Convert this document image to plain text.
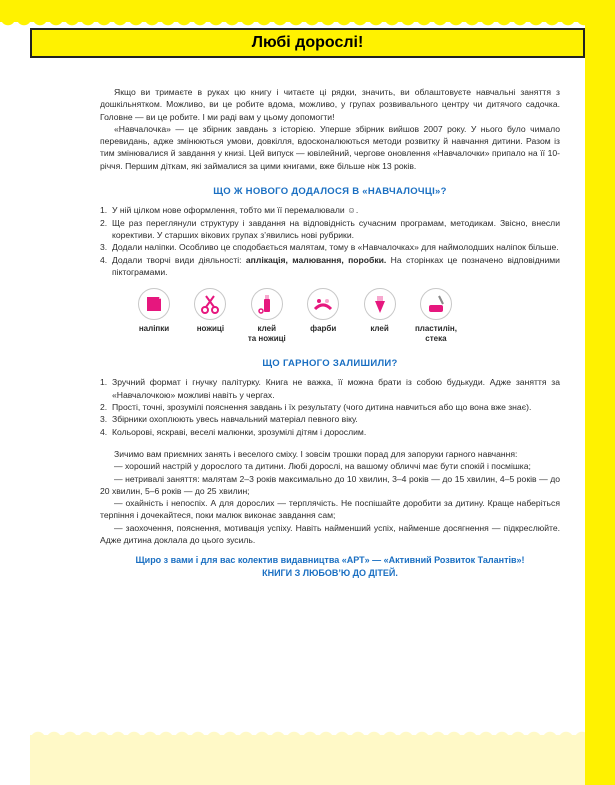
Любі дорослі!

Якщо ви тримаєте в руках цю книгу і читаєте ці рядки, значить, ви облаштовуєте навчальні заняття з дошкільнятком. Можливо, ви це робите вдома, можливо, у групах розвивального центру чи дитячого садочка. Головне — ви це робите. І ми раді вам у цьому допомогти!

«Навчалочка» — це збірник завдань з історією. Уперше збірник вийшов 2007 року. У нього було чимало перевидань, адже змінюються умови, довкілля, вдосконалюються методи розвитку й навчання дитини. Разом із тим змінювалися й завдання у книзі. Цей випуск — ювілейний, чергове оновлення «Навчалочки» припало на її 10-річчя. Першим діткам, які займалися за цими книгами, вже більше ніж 13 років.

ЩО Ж НОВОГО ДОДАЛОСЯ В «НАВЧАЛОЧЦІ»?
1. У ній цілком нове оформлення, тобто ми її перемалювали ☺.
2. Ще раз переглянули структуру і завдання на відповідність сучасним програмам, методикам. Звісно, внесли корективи. У старших вікових групах з’явились нові рубрики.
3. Додали наліпки. Особливо це сподобається малятам, тому в «Навчалочках» для наймолодших наліпок більше.
4. Додали творчі види діяльності: аплікація, малювання, поробки. На сторінках це позначено відповідними піктограмами.
наліпки	ножиці	клей
та ножиці
фарби	клей	пластилін,
стека
ЩО ГАРНОГО ЗАЛИШИЛИ?
1. Зручний формат і гнучку палітурку. Книга не важка, її можна брати із собою будькуди. Адже заняття за «Навчалочкою» можливі навіть у чергах.
2. Прості, точні, зрозумілі пояснення завдань і їх результату (чого дитина навчиться або що вона вже знає).
3. Збірники охоплюють увесь навчальний матеріал певного віку.
4. Кольорові, яскраві, веселі малюнки, зрозумілі дітям і дорослим.

Зичимо вам приємних занять і веселого сміху. І зовсім трошки порад для запоруки гарного навчання:

— хороший настрій у дорослого та дитини. Любі дорослі, на вашому обличчі має бути спокій і посмішка;

— нетривалі заняття: малятам 2–3 років максимально до 10 хвилин, 3–4 років — до 15 хвилин, 4–5 років — до 20 хвилин, 5–6 років — до 25 хвилин;

— охайність і непоспіх. А для дорослих — терплячість. Не поспішайте доробити за дитину. Краще наберіться терпіння і дочекайтеся, поки малюк виконає завдання сам;

— заохочення, пояснення, мотивація успіху. Навіть найменший успіх, найменше досягнення — підкреслюйте. Адже дитина доклала до цього зусиль.

Щиро з вами і для вас колектив видавництва «АРТ» — «Активний Розвиток Талантів»!
КНИГИ З ЛЮБОВ’Ю ДО ДІТЕЙ.
